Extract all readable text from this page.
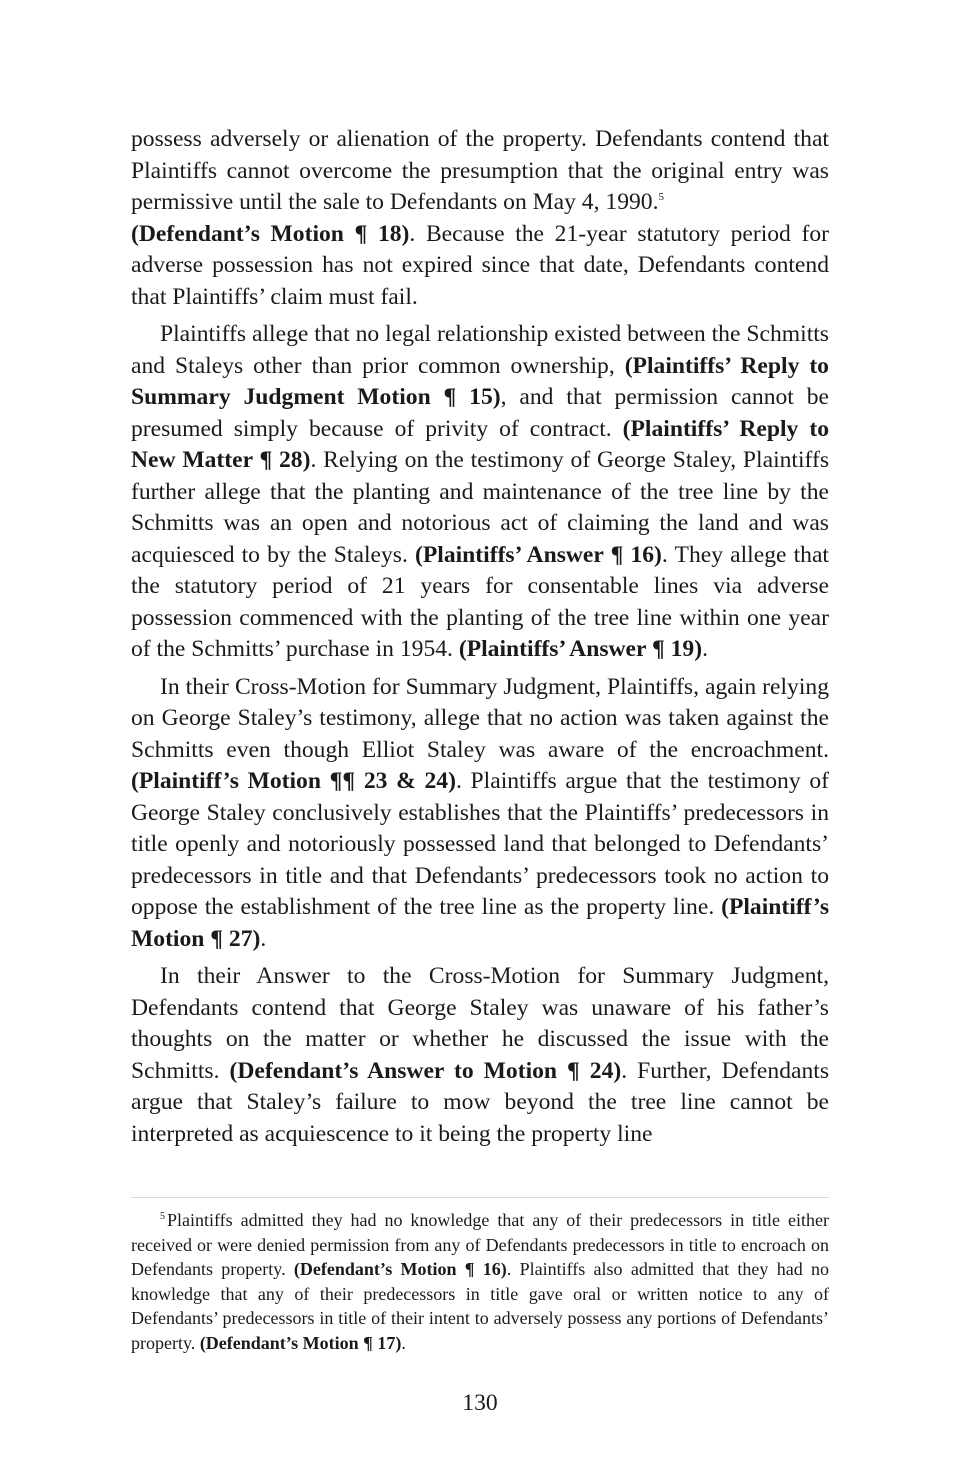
possess adversely or alienation of the property. Defendants contend that Plaintiffs cannot overcome the presumption that the original entry was permissive until the sale to Defendants on May 4, 1990.$^5$
(Defendant’s Motion ¶ 18). Because the 21-year statutory period for adverse possession has not expired since that date, Defendants contend that Plaintiffs’ claim must fail.

Plaintiffs allege that no legal relationship existed between the Schmitts and Staleys other than prior common ownership, (Plaintiffs’ Reply to Summary Judgment Motion ¶ 15), and that permission cannot be presumed simply because of privity of contract. (Plaintiffs’ Reply to New Matter ¶ 28). Relying on the testimony of George Staley, Plaintiffs further allege that the planting and maintenance of the tree line by the Schmitts was an open and notorious act of claiming the land and was acquiesced to by the Staleys. (Plaintiffs’ Answer ¶ 16). They allege that the statutory period of 21 years for consentable lines via adverse possession commenced with the planting of the tree line within one year of the Schmitts’ purchase in 1954. (Plaintiffs’ Answer ¶ 19).

In their Cross-Motion for Summary Judgment, Plaintiffs, again relying on George Staley’s testimony, allege that no action was taken against the Schmitts even though Elliot Staley was aware of the encroachment. (Plaintiff’s Motion ¶¶ 23 & 24). Plaintiffs argue that the testimony of George Staley conclusively establishes that the Plaintiffs’ predecessors in title openly and notoriously possessed land that belonged to Defendants’ predecessors in title and that Defendants’ predecessors took no action to oppose the establishment of the tree line as the property line. (Plaintiff’s Motion ¶ 27).

In their Answer to the Cross-Motion for Summary Judgment, Defendants contend that George Staley was unaware of his father’s thoughts on the matter or whether he discussed the issue with the Schmitts. (Defendant’s Answer to Motion ¶ 24). Further, Defendants argue that Staley’s failure to mow beyond the tree line cannot be interpreted as acquiescence to it being the property line

$^5$ Plaintiffs admitted they had no knowledge that any of their predecessors in title either received or were denied permission from any of Defendants predecessors in title to encroach on Defendants property. (Defendant’s Motion ¶ 16). Plaintiffs also admitted that they had no knowledge that any of their predecessors in title gave oral or written notice to any of Defendants’ predecessors in title of their intent to adversely possess any portions of Defendants’ property. (Defendant’s Motion ¶ 17).

130
